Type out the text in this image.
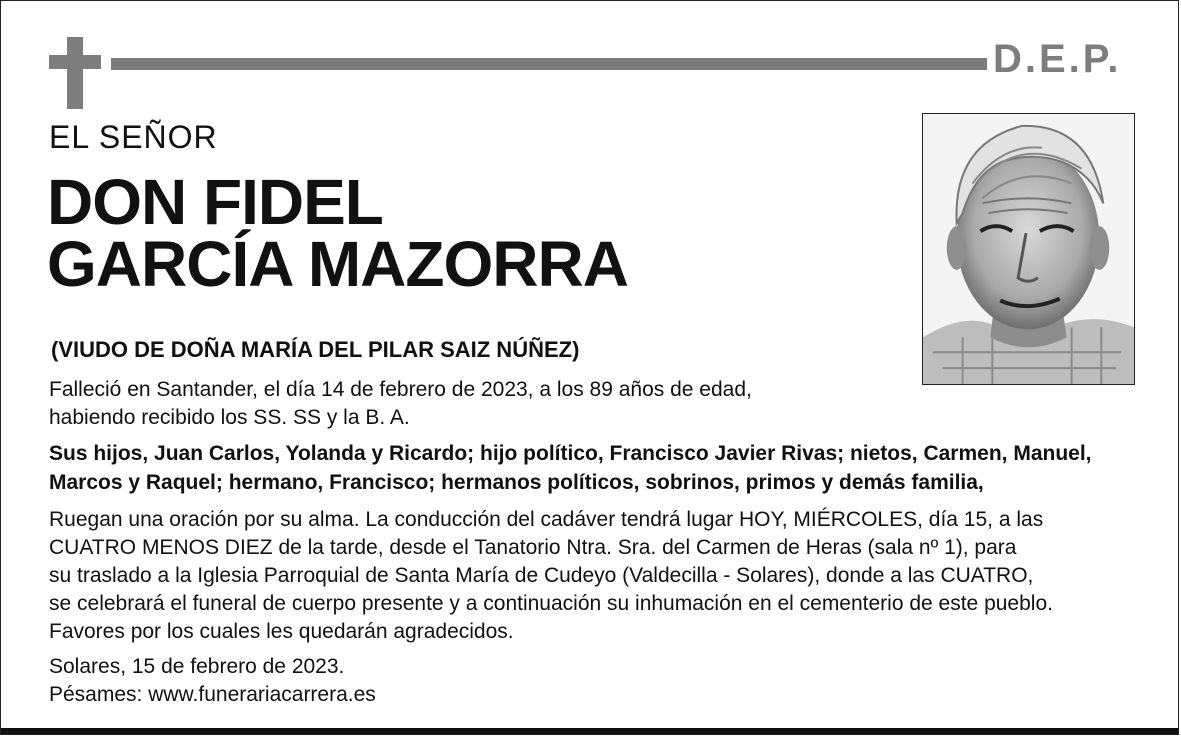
D.E.P.
EL SEÑOR
DON FIDEL
GARCÍA MAZORRA
(VIUDO DE DOÑA MARÍA DEL PILAR SAIZ NÚÑEZ)
Falleció en Santander, el día 14 de febrero de 2023, a los 89 años de edad,
habiendo recibido los SS. SS y la B. A.
Sus hijos, Juan Carlos, Yolanda y Ricardo; hijo político, Francisco Javier Rivas; nietos, Carmen, Manuel,
Marcos y Raquel; hermano, Francisco; hermanos políticos, sobrinos, primos y demás familia,
Ruegan una oración por su alma. La conducción del cadáver tendrá lugar HOY, MIÉRCOLES, día 15, a las
CUATRO MENOS DIEZ de la tarde, desde el Tanatorio Ntra. Sra. del Carmen de Heras (sala nº 1), para
su traslado a la Iglesia Parroquial de Santa María de Cudeyo (Valdecilla - Solares), donde a las CUATRO,
se celebrará el funeral de cuerpo presente y a continuación su inhumación en el cementerio de este pueblo.
Favores por los cuales les quedarán agradecidos.
Solares, 15 de febrero de 2023.
Pésames: www.funerariacarrera.es
